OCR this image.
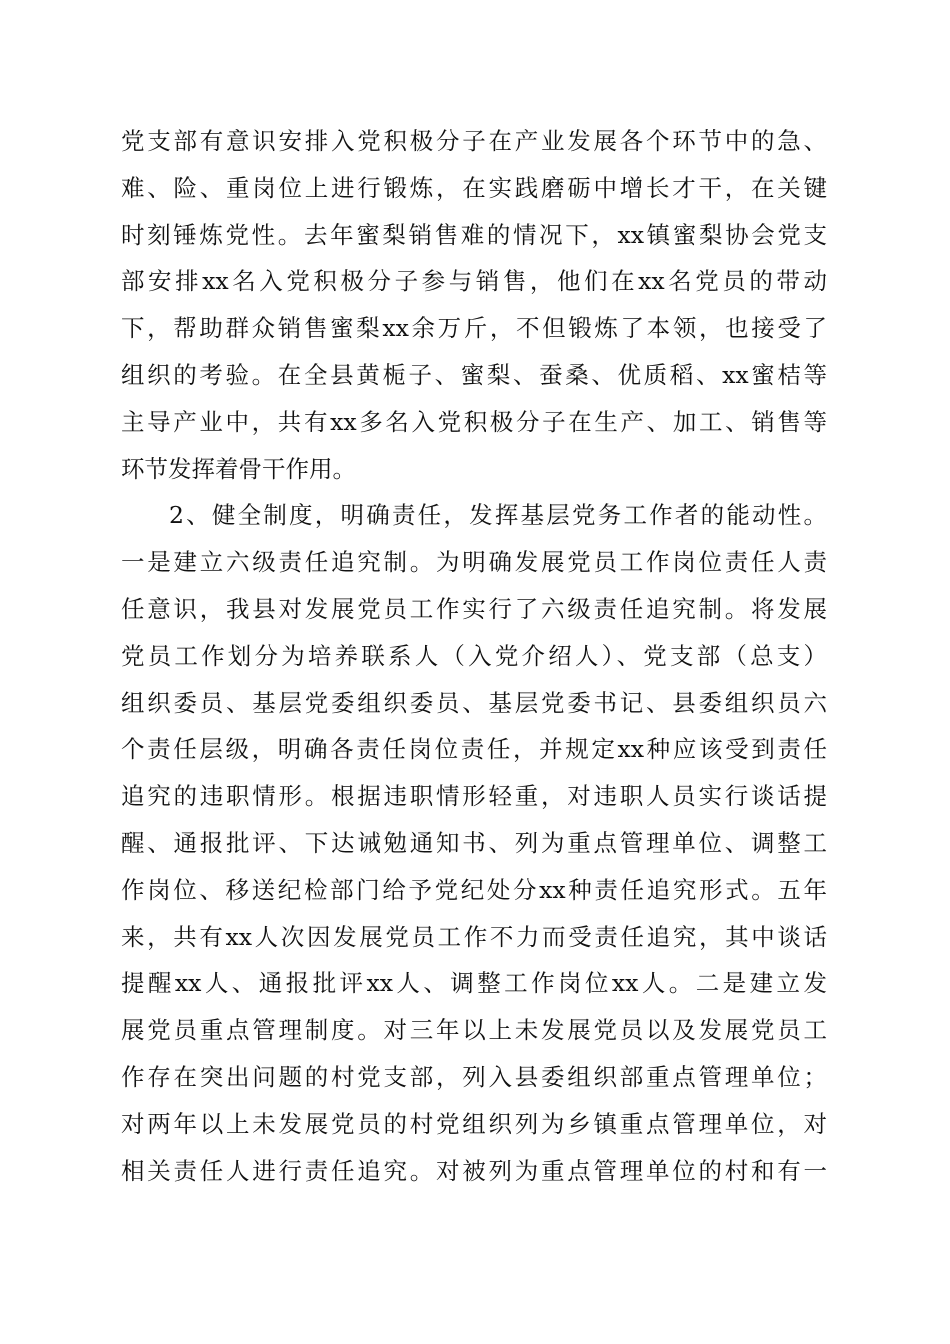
党支部有意识安排入党积极分子在产业发展各个环节中的急、
难、险、重岗位上进行锻炼，在实践磨砺中增长才干，在关键
时刻锤炼党性。去年蜜梨销售难的情况下，xx镇蜜梨协会党支
部安排xx名入党积极分子参与销售，他们在xx名党员的带动
下，帮助群众销售蜜梨xx余万斤，不但锻炼了本领，也接受了
组织的考验。在全县黄栀子、蜜梨、蚕桑、优质稻、xx蜜桔等
主导产业中，共有xx多名入党积极分子在生产、加工、销售等
环节发挥着骨干作用。
2、健全制度，明确责任，发挥基层党务工作者的能动性。
一是建立六级责任追究制。为明确发展党员工作岗位责任人责
任意识，我县对发展党员工作实行了六级责任追究制。将发展
党员工作划分为培养联系人（入党介绍人）、党支部（总支）
组织委员、基层党委组织委员、基层党委书记、县委组织员六
个责任层级，明确各责任岗位责任，并规定xx种应该受到责任
追究的违职情形。根据违职情形轻重，对违职人员实行谈话提
醒、通报批评、下达诫勉通知书、列为重点管理单位、调整工
作岗位、移送纪检部门给予党纪处分xx种责任追究形式。五年
来，共有xx人次因发展党员工作不力而受责任追究，其中谈话
提醒xx人、通报批评xx人、调整工作岗位xx人。二是建立发
展党员重点管理制度。对三年以上未发展党员以及发展党员工
作存在突出问题的村党支部，列入县委组织部重点管理单位；
对两年以上未发展党员的村党组织列为乡镇重点管理单位，对
相关责任人进行责任追究。对被列为重点管理单位的村和有一
